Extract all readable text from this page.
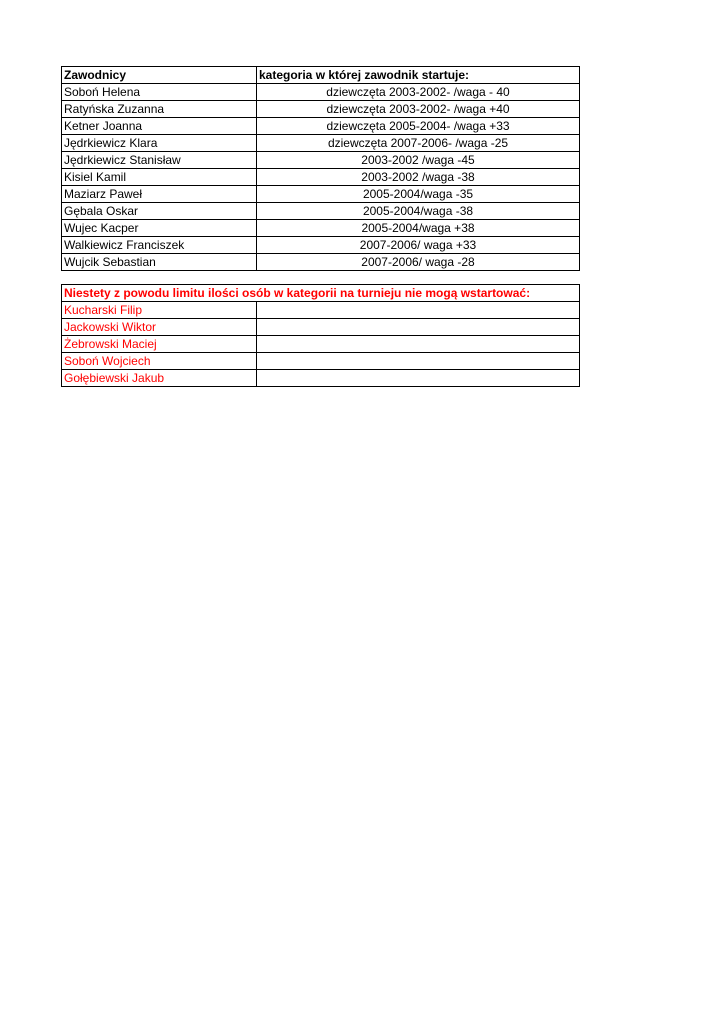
Zawodnicy	kategoria w której zawodnik startuje:
Soboń Helena	dziewczęta 2003-2002- /waga - 40
Ratyńska Zuzanna	dziewczęta 2003-2002- /waga +40
Ketner Joanna	dziewczęta 2005-2004- /waga +33
Jędrkiewicz Klara	dziewczęta 2007-2006- /waga -25
Jędrkiewicz Stanisław	2003-2002 /waga -45
Kisiel Kamil	2003-2002 /waga -38
Maziarz Paweł	2005-2004/waga -35
Gębala Oskar	2005-2004/waga -38
Wujec Kacper	2005-2004/waga +38
Walkiewicz Franciszek	2007-2006/ waga +33
Wujcik Sebastian	2007-2006/ waga -28
Niestety z powodu limitu ilości osób w kategorii na turnieju nie mogą wstartować:	
Kucharski Filip	
Jackowski Wiktor	
Żebrowski Maciej	
Soboń Wojciech	
Gołębiewski Jakub	
